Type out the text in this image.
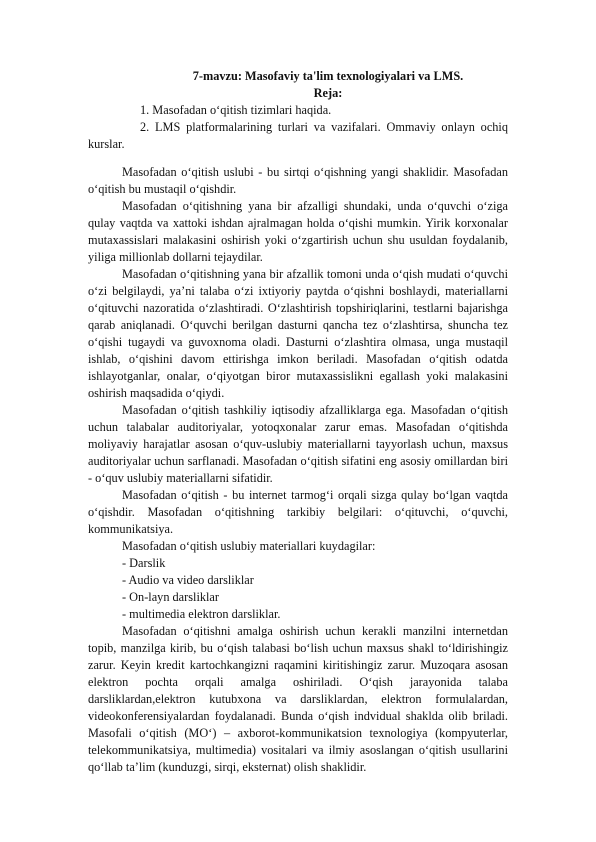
7-mavzu: Masofaviy ta'lim texnologiyalari va LMS.
Reja:
1. Masofadan o‘qitish tizimlari haqida.
2. LMS platformalarining turlari va vazifalari. Ommaviy onlayn ochiq kurslar.

Masofadan o‘qitish uslubi - bu sirtqi o‘qishning yangi shaklidir. Masofadan o‘qitish bu mustaqil o‘qishdir.

Masofadan o‘qitishning yana bir afzalligi shundaki, unda o‘quvchi o‘ziga qulay vaqtda va xattoki ishdan ajralmagan holda o‘qishi mumkin. Yirik korxonalar mutaxassislari malakasini oshirish yoki o‘zgartirish uchun shu usuldan foydalanib, yiliga millionlab dollarni tejaydilar.

Masofadan o‘qitishning yana bir afzallik tomoni unda o‘qish mudati o‘quvchi o‘zi belgilaydi, ya’ni talaba o‘zi ixtiyoriy paytda o‘qishni boshlaydi, materiallarni o‘qituvchi nazoratida o‘zlashtiradi. O‘zlashtirish topshiriqlarini, testlarni bajarishga qarab aniqlanadi. O‘quvchi berilgan dasturni qancha tez o‘zlashtirsa, shuncha tez o‘qishi tugaydi va guvoxnoma oladi. Dasturni o‘zlashtira olmasa, unga mustaqil ishlab, o‘qishini davom ettirishga imkon beriladi. Masofadan o‘qitish odatda ishlayotganlar, onalar, o‘qiyotgan biror mutaxassislikni egallash yoki malakasini oshirish maqsadida o‘qiydi.

Masofadan o‘qitish tashkiliy iqtisodiy afzalliklarga ega. Masofadan o‘qitish uchun talabalar auditoriyalar, yotoqxonalar zarur emas. Masofadan o‘qitishda moliyaviy harajatlar asosan o‘quv-uslubiy materiallarni tayyorlash uchun, maxsus auditoriyalar uchun sarflanadi. Masofadan o‘qitish sifatini eng asosiy omillardan biri - o‘quv uslubiy materiallarni sifatidir.

Masofadan o‘qitish - bu internet tarmog‘i orqali sizga qulay bo‘lgan vaqtda o‘qishdir. Masofadan o‘qitishning tarkibiy belgilari: o‘qituvchi, o‘quvchi, kommunikatsiya.

Masofadan o‘qitish uslubiy materiallari kuydagilar:
- Darslik
- Audio va video darsliklar
- On-layn darsliklar
- multimedia elektron darsliklar.

Masofadan o‘qitishni amalga oshirish uchun kerakli manzilni internetdan topib, manzilga kirib, bu o‘qish talabasi bo‘lish uchun maxsus shakl to‘ldirishingiz zarur. Keyin kredit kartochkangizni raqamini kiritishingiz zarur. Muzoqara asosan elektron pochta orqali amalga oshiriladi. O‘qish jarayonida talaba darsliklardan,elektron kutubxona va darsliklardan, elektron formulalardan, videokonferensiyalardan foydalanadi. Bunda o‘qish indvidual shaklda olib briladi. Masofali o‘qitish (MO‘) – axborot-kommunikatsion texnologiya (kompyuterlar, telekommunikatsiya, multimedia) vositalari va ilmiy asoslangan o‘qitish usullarini qo‘llab ta’lim (kunduzgi, sirqi, eksternat) olish shaklidir.
